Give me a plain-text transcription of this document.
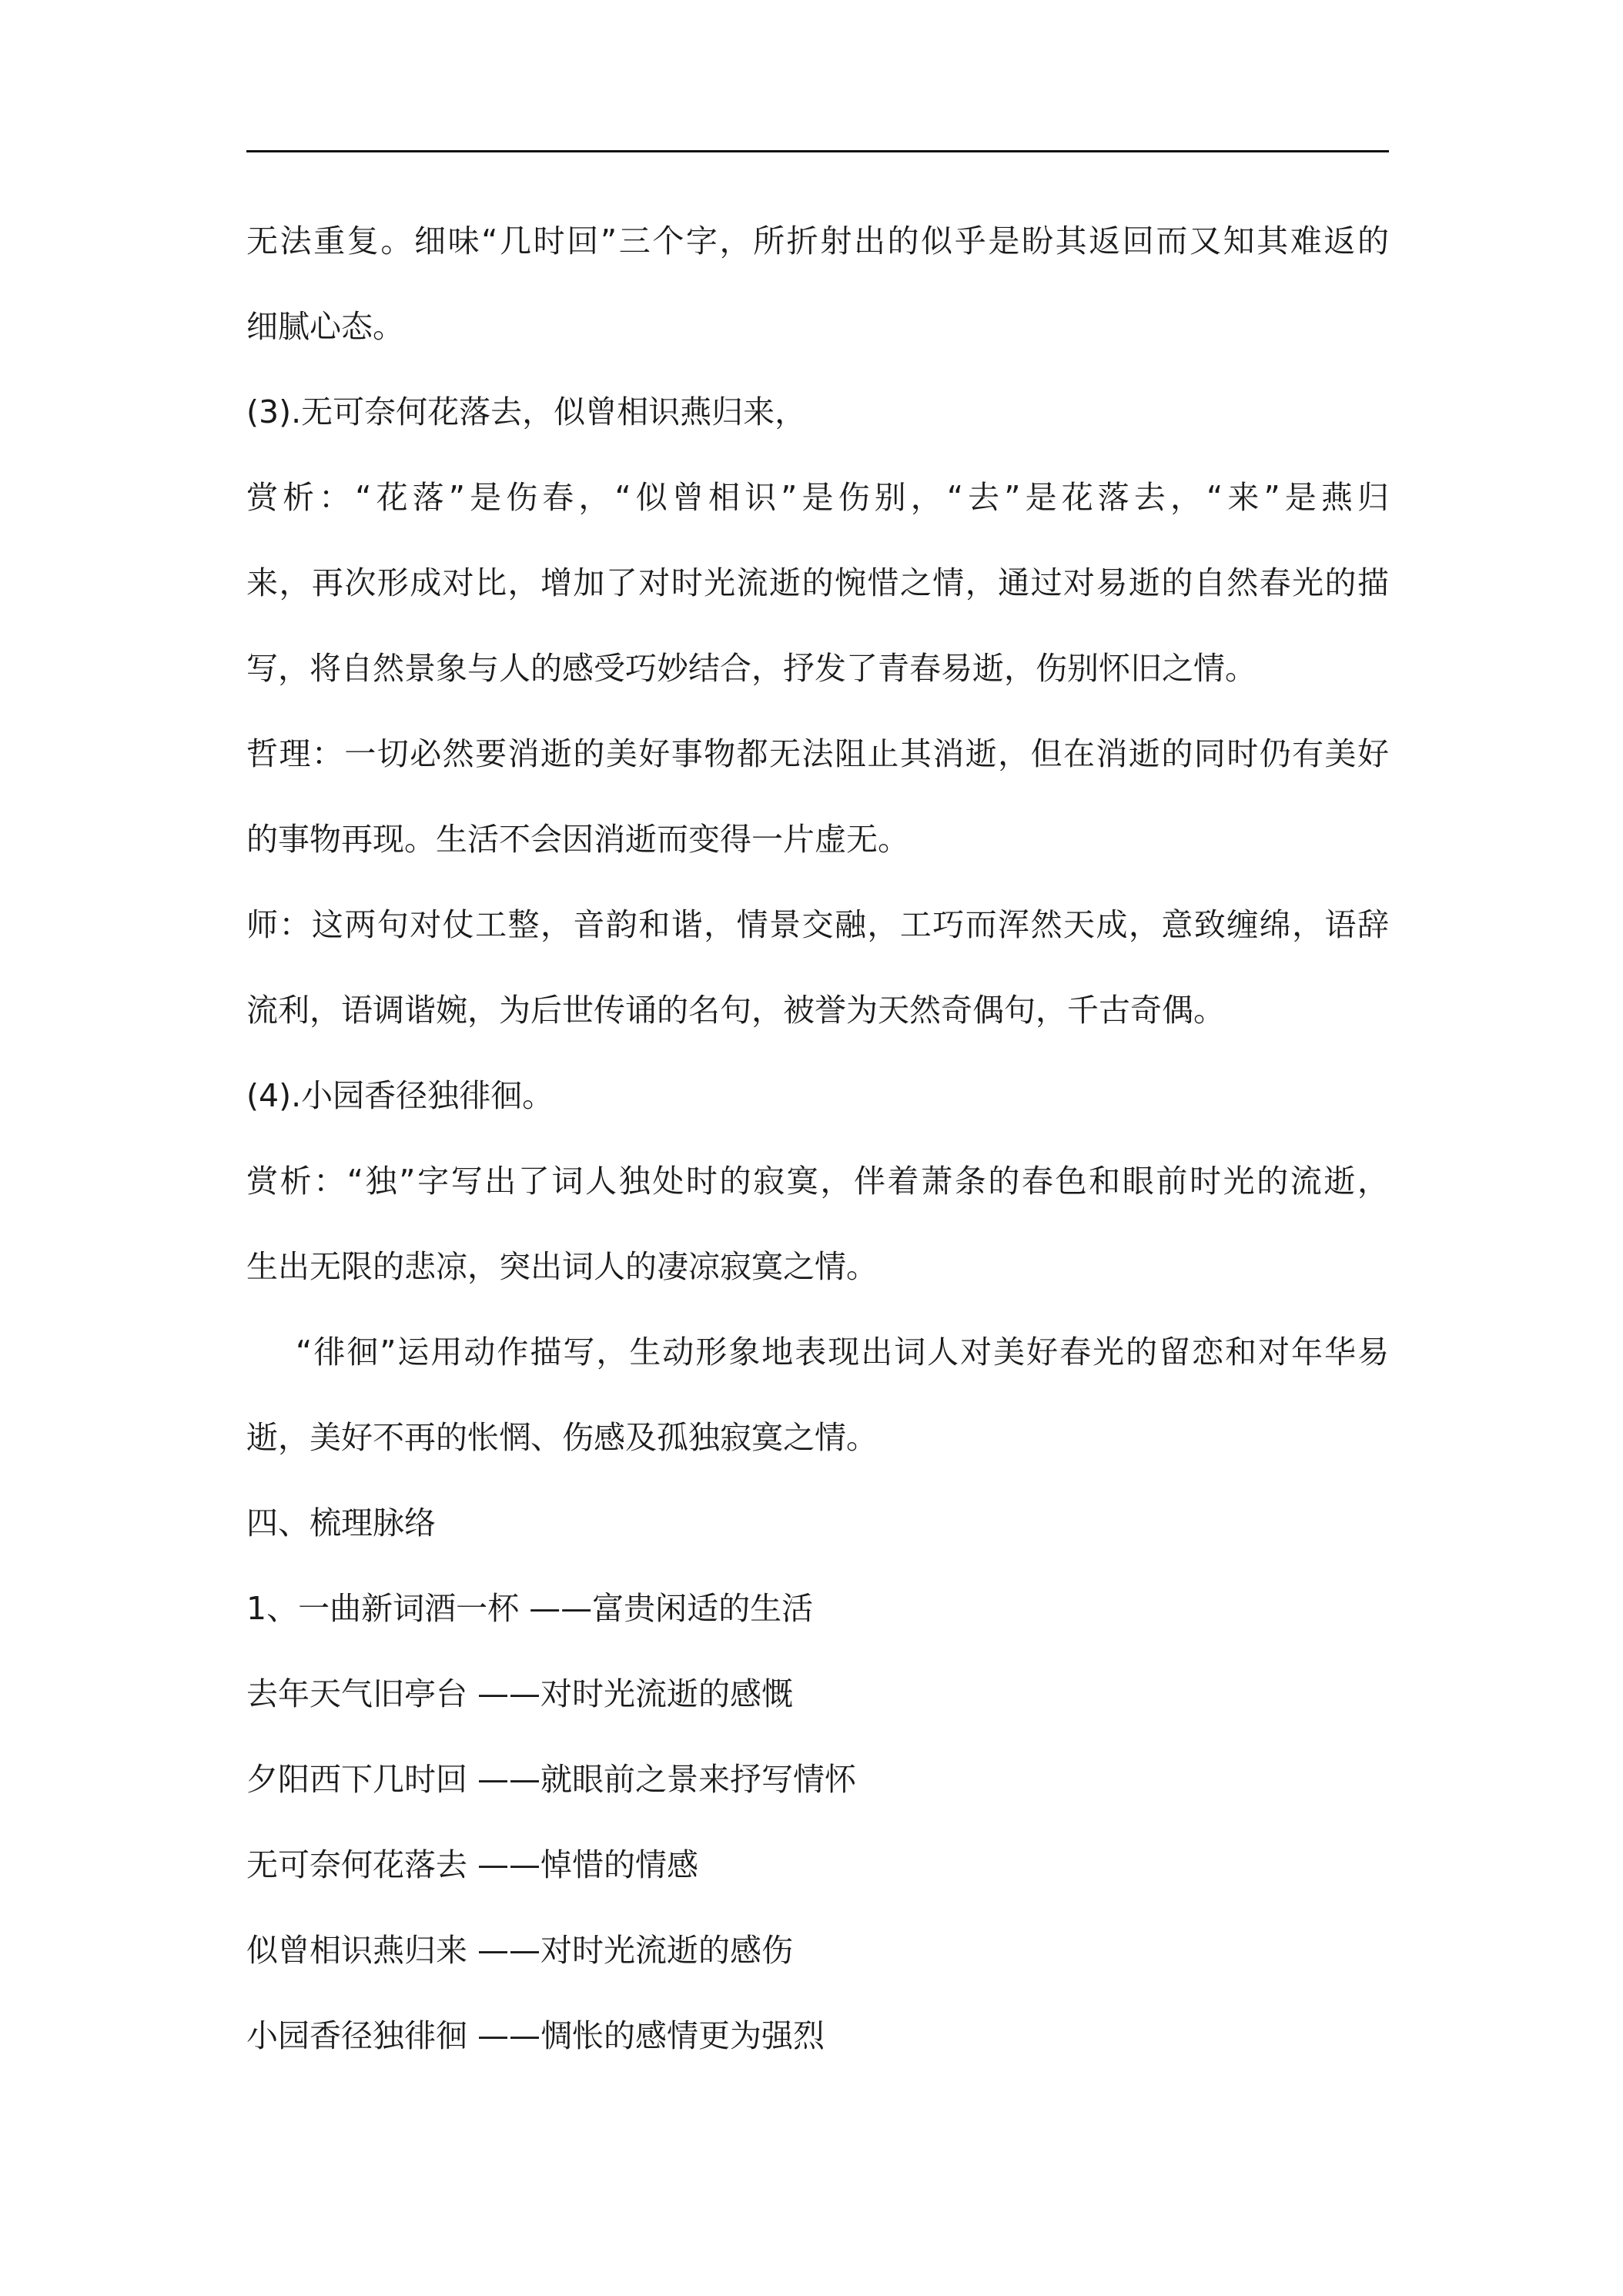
无法重复。细味“几时回”三个字，所折射出的似乎是盼其返回而又知其难返的
细腻心态。
(3).无可奈何花落去，似曾相识燕归来，
赏析：“花落”是伤春，“似曾相识”是伤别，“去”是花落去，“来”是燕归
来，再次形成对比，增加了对时光流逝的惋惜之情，通过对易逝的自然春光的描
写，将自然景象与人的感受巧妙结合，抒发了青春易逝，伤别怀旧之情。
哲理：一切必然要消逝的美好事物都无法阻止其消逝，但在消逝的同时仍有美好
的事物再现。生活不会因消逝而变得一片虚无。
师：这两句对仗工整，音韵和谐，情景交融，工巧而浑然天成，意致缠绵，语辞
流利，语调谐婉，为后世传诵的名句，被誉为天然奇偶句，千古奇偶。
(4).小园香径独徘徊。
赏析：“独”字写出了词人独处时的寂寞，伴着萧条的春色和眼前时光的流逝，
生出无限的悲凉，突出词人的凄凉寂寞之情。
“徘徊”运用动作描写，生动形象地表现出词人对美好春光的留恋和对年华易
逝，美好不再的怅惘、伤感及孤独寂寞之情。
四、梳理脉络
1、一曲新词酒一杯 ——富贵闲适的生活
去年天气旧亭台 ——对时光流逝的感慨
夕阳西下几时回 ——就眼前之景来抒写情怀
无可奈何花落去 ——悼惜的情感
似曾相识燕归来 ——对时光流逝的感伤
小园香径独徘徊 ——惆怅的感情更为强烈
